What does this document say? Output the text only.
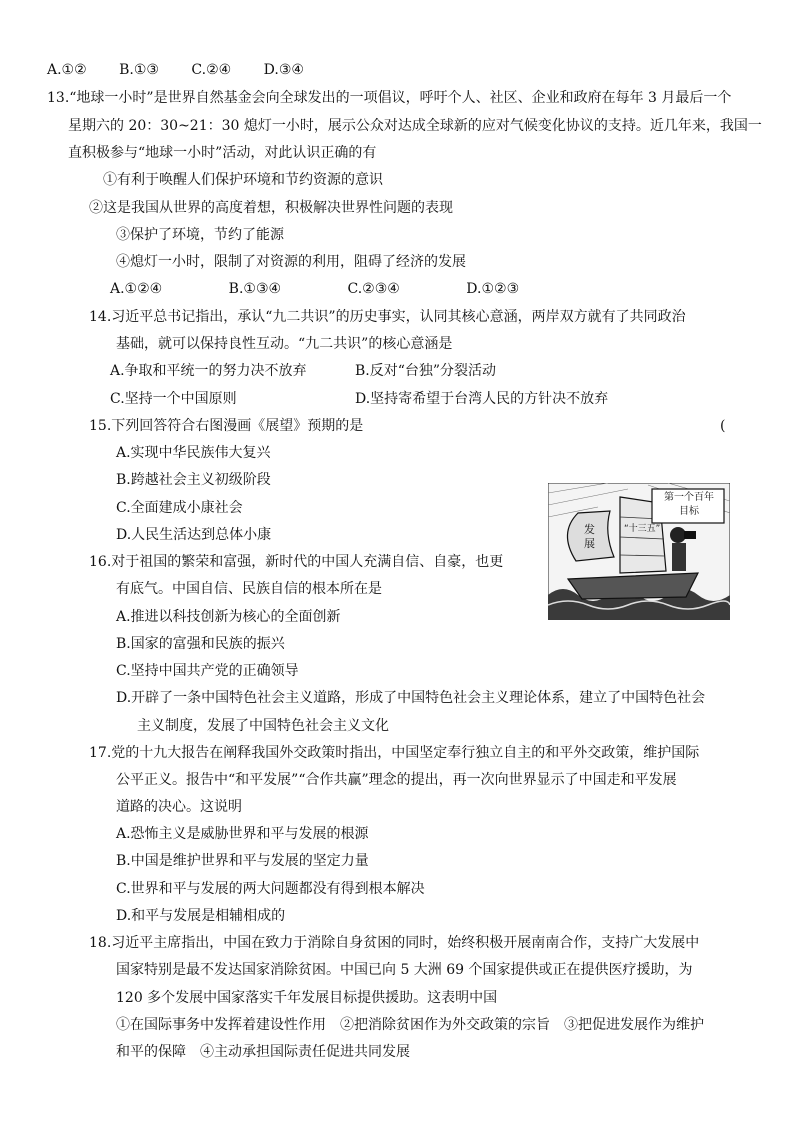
A.①② B.①③ C.②④ D.③④
13.“地球一小时”是世界自然基金会向全球发出的一项倡议，呼吁个人、社区、企业和政府在每年 3 月最后一个
星期六的 20：30~21：30 熄灯一小时，展示公众对达成全球新的应对气候变化协议的支持。近几年来，我国一
直积极参与“地球一小时”活动，对此认识正确的有
①有利于唤醒人们保护环境和节约资源的意识
②这是我国从世界的高度着想，积极解决世界性问题的表现
③保护了环境，节约了能源
④熄灯一小时，限制了对资源的利用，阻碍了经济的发展
A.①②④	B.①③④	C.②③④	D.①②③
14.习近平总书记指出，承认“九二共识”的历史事实，认同其核心意涵，两岸双方就有了共同政治
基础，就可以保持良性互动。“九二共识”的核心意涵是
A.争取和平统一的努力决不放弃	B.反对“台独”分裂活动
C.坚持一个中国原则	D.坚持寄希望于台湾人民的方针决不放弃
15.下列回答符合右图漫画《展望》预期的是	(
A.实现中华民族伟大复兴
B.跨越社会主义初级阶段
C.全面建成小康社会
D.人民生活达到总体小康
第一个百年目标
发展
“十三五”
16.对于祖国的繁荣和富强，新时代的中国人充满自信、自豪，也更
有底气。中国自信、民族自信的根本所在是
A.推进以科技创新为核心的全面创新
B.国家的富强和民族的振兴
C.坚持中国共产党的正确领导
D.开辟了一条中国特色社会主义道路，形成了中国特色社会主义理论体系，建立了中国特色社会
主义制度，发展了中国特色社会主义文化
17.党的十九大报告在阐释我国外交政策时指出，中国坚定奉行独立自主的和平外交政策，维护国际
公平正义。报告中“和平发展”“合作共赢”理念的提出，再一次向世界显示了中国走和平发展
道路的决心。这说明
A.恐怖主义是威胁世界和平与发展的根源
B.中国是维护世界和平与发展的坚定力量
C.世界和平与发展的两大问题都没有得到根本解决
D.和平与发展是相辅相成的
18.习近平主席指出，中国在致力于消除自身贫困的同时，始终积极开展南南合作，支持广大发展中
国家特别是最不发达国家消除贫困。中国已向 5 大洲 69 个国家提供或正在提供医疗援助，为
120 多个发展中国家落实千年发展目标提供援助。这表明中国
①在国际事务中发挥着建设性作用　②把消除贫困作为外交政策的宗旨　③把促进发展作为维护
和平的保障　④主动承担国际责任促进共同发展
